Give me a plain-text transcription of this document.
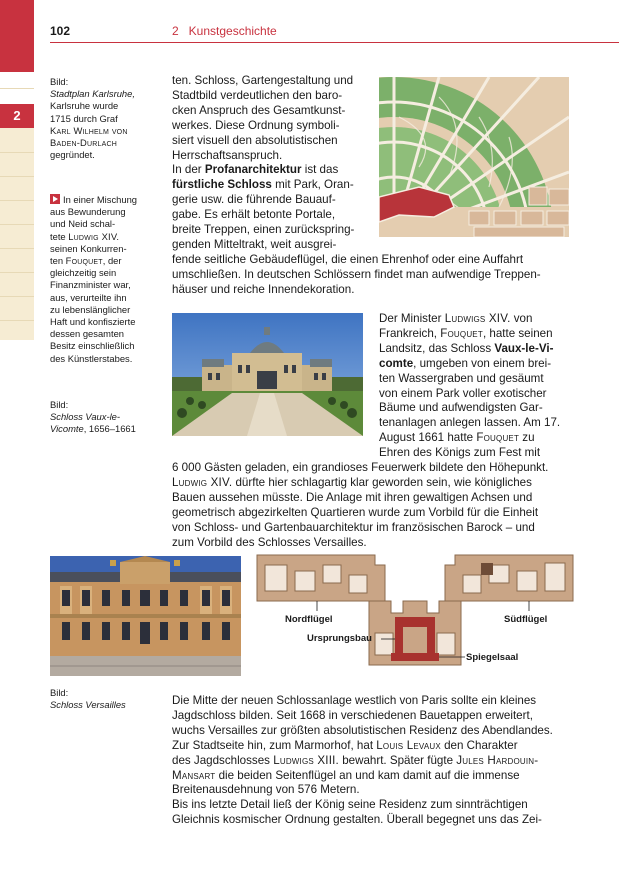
2
102	2   Kunstgeschichte
Bild:
Stadtplan Karlsruhe,
Karlsruhe wurde
1715 durch Graf
Karl Wilhelm von
Baden-Durlach
gegründet.
In einer Mischung
aus Bewunderung
und Neid schal-
tete Ludwig XIV.
seinen Konkurren-
ten Fouquet, der
gleichzeitig sein
Finanzminister war,
aus, verurteilte ihn
zu lebenslänglicher
Haft und konfiszierte
dessen gesamten
Besitz einschließlich
des Künstlerstabes.
Bild:
Schloss Vaux-le-
Vicomte, 1656–1661
Bild:
Schloss Versailles
ten. Schloss, Gartengestaltung und
Stadtbild verdeutlichen den baro-
cken Anspruch des Gesamtkunst-
werkes. Diese Ordnung symboli-
siert visuell den absolutistischen
Herrschaftsanspruch.
In der Profanarchitektur ist das
fürstliche Schloss mit Park, Oran-
gerie usw. die führende Bauauf-
gabe. Es erhält betonte Portale,
breite Treppen, einen zurückspring-
genden Mitteltrakt, weit ausgrei-
fende seitliche Gebäudeflügel, die einen Ehrenhof oder eine Auffahrt
umschließen. In deutschen Schlössern findet man aufwendige Treppen-
häuser und reiche Innendekoration.
Der Minister Ludwigs XIV. von
Frankreich, Fouquet, hatte seinen
Landsitz, das Schloss Vaux-le-Vi-
comte, umgeben von einem brei-
ten Wassergraben und gesäumt
von einem Park voller exotischer
Bäume und aufwendigsten Gar-
tenanlagen anlegen lassen. Am 17.
August 1661 hatte Fouquet zu
Ehren des Königs zum Fest mit
6 000 Gästen geladen, ein grandioses Feuerwerk bildete den Höhepunkt.
Ludwig XIV. dürfte hier schlagartig klar geworden sein, wie königliches
Bauen aussehen müsste. Die Anlage mit ihren gewaltigen Achsen und
geometrisch abgezirkelten Quartieren wurde zum Vorbild für die Einheit
von Schloss- und Gartenbauarchitektur im französischen Barock – und
zum Vorbild des Schlosses Versailles.
Nordflügel	Südflügel
Ursprungsbau
Spiegelsaal
Die Mitte der neuen Schlossanlage westlich von Paris sollte ein kleines
Jagdschloss bilden. Seit 1668 in verschiedenen Bauetappen erweitert,
wuchs Versailles zur größten absolutistischen Residenz des Abendlandes.
Zur Stadtseite hin, zum Marmorhof, hat Louis Levaux den Charakter
des Jagdschlosses Ludwigs XIII. bewahrt. Später fügte Jules Hardouin-
Mansart die beiden Seitenflügel an und kam damit auf die immense
Breitenausdehnung von 576 Metern.
Bis ins letzte Detail ließ der König seine Residenz zum sinnträchtigen
Gleichnis kosmischer Ordnung gestalten. Überall begegnet uns das Zei-
